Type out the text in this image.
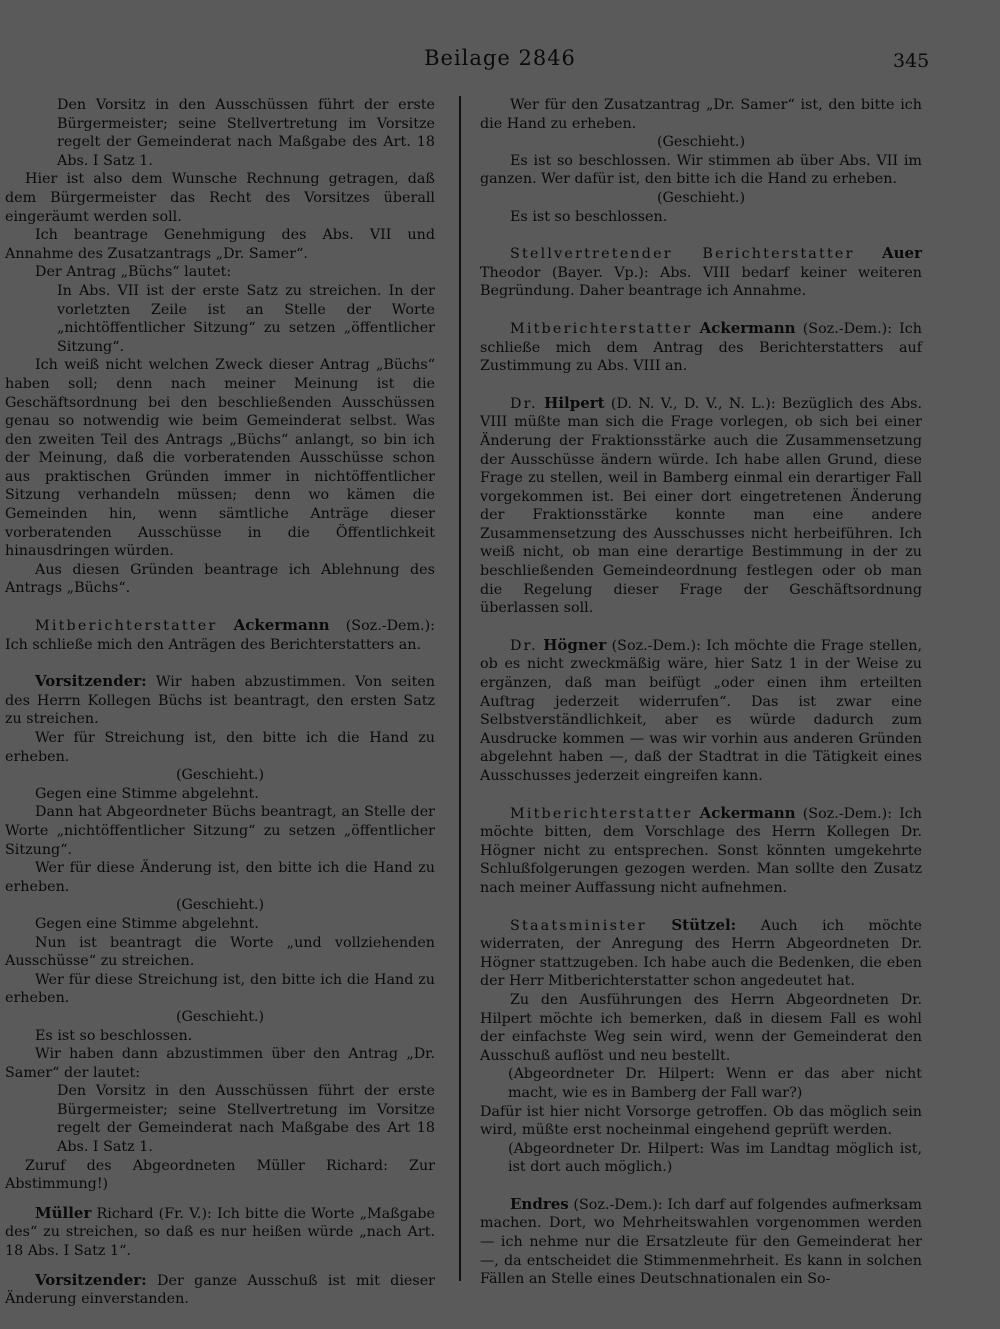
Beilage 2846	345

Den Vorsitz in den Ausschüssen führt der erste Bürgermeister; seine Stellvertretung im Vorsitze regelt der Gemeinderat nach Maßgabe des Art. 18 Abs. I Satz 1.

Hier ist also dem Wunsche Rechnung getragen, daß dem Bürgermeister das Recht des Vorsitzes überall eingeräumt werden soll.

Ich beantrage Genehmigung des Abs. VII und Annahme des Zusatzantrags „Dr. Samer“.

Der Antrag „Büchs“ lautet:

In Abs. VII ist der erste Satz zu streichen. In der vorletzten Zeile ist an Stelle der Worte „nichtöffentlicher Sitzung“ zu setzen „öffentlicher Sitzung“.

Ich weiß nicht welchen Zweck dieser Antrag „Büchs“ haben soll; denn nach meiner Meinung ist die Geschäftsordnung bei den beschließenden Ausschüssen genau so notwendig wie beim Gemeinderat selbst. Was den zweiten Teil des Antrags „Büchs“ anlangt, so bin ich der Meinung, daß die vorberatenden Ausschüsse schon aus praktischen Gründen immer in nichtöffentlicher Sitzung verhandeln müssen; denn wo kämen die Gemeinden hin, wenn sämtliche Anträge dieser vorberatenden Ausschüsse in die Öffentlichkeit hinausdringen würden.

Aus diesen Gründen beantrage ich Ablehnung des Antrags „Büchs“.

Mitberichterstatter Ackermann (Soz.-Dem.): Ich schließe mich den Anträgen des Berichterstatters an.

Vorsitzender: Wir haben abzustimmen. Von seiten des Herrn Kollegen Büchs ist beantragt, den ersten Satz zu streichen.

Wer für Streichung ist, den bitte ich die Hand zu erheben.

(Geschieht.)

Gegen eine Stimme abgelehnt.

Dann hat Abgeordneter Büchs beantragt, an Stelle der Worte „nichtöffentlicher Sitzung“ zu setzen „öffentlicher Sitzung“.

Wer für diese Änderung ist, den bitte ich die Hand zu erheben.

(Geschieht.)

Gegen eine Stimme abgelehnt.

Nun ist beantragt die Worte „und vollziehenden Ausschüsse“ zu streichen.

Wer für diese Streichung ist, den bitte ich die Hand zu erheben.

(Geschieht.)

Es ist so beschlossen.

Wir haben dann abzustimmen über den Antrag „Dr. Samer“ der lautet:

Den Vorsitz in den Ausschüssen führt der erste Bürgermeister; seine Stellvertretung im Vorsitze regelt der Gemeinderat nach Maßgabe des Art 18 Abs. I Satz 1.

Zuruf des Abgeordneten Müller Richard: Zur Abstimmung!)

Müller Richard (Fr. V.): Ich bitte die Worte „Maßgabe des“ zu streichen, so daß es nur heißen würde „nach Art. 18 Abs. I Satz 1“.

Vorsitzender: Der ganze Ausschuß ist mit dieser Änderung einverstanden.

Wer für den Zusatzantrag „Dr. Samer“ ist, den bitte ich die Hand zu erheben.

(Geschieht.)

Es ist so beschlossen. Wir stimmen ab über Abs. VII im ganzen. Wer dafür ist, den bitte ich die Hand zu erheben.

(Geschieht.)

Es ist so beschlossen.

Stellvertretender Berichterstatter Auer Theodor (Bayer. Vp.): Abs. VIII bedarf keiner weiteren Begründung. Daher beantrage ich Annahme.

Mitberichterstatter Ackermann (Soz.-Dem.): Ich schließe mich dem Antrag des Berichterstatters auf Zustimmung zu Abs. VIII an.

Dr. Hilpert (D. N. V., D. V., N. L.): Bezüglich des Abs. VIII müßte man sich die Frage vorlegen, ob sich bei einer Änderung der Fraktionsstärke auch die Zusammensetzung der Ausschüsse ändern würde. Ich habe allen Grund, diese Frage zu stellen, weil in Bamberg einmal ein derartiger Fall vorgekommen ist. Bei einer dort eingetretenen Änderung der Fraktionsstärke konnte man eine andere Zusammensetzung des Ausschusses nicht herbeiführen. Ich weiß nicht, ob man eine derartige Bestimmung in der zu beschließenden Gemeindeordnung festlegen oder ob man die Regelung dieser Frage der Geschäftsordnung überlassen soll.

Dr. Högner (Soz.-Dem.): Ich möchte die Frage stellen, ob es nicht zweckmäßig wäre, hier Satz 1 in der Weise zu ergänzen, daß man beifügt „oder einen ihm erteilten Auftrag jederzeit widerrufen“. Das ist zwar eine Selbstverständlichkeit, aber es würde dadurch zum Ausdrucke kommen — was wir vorhin aus anderen Gründen abgelehnt haben —, daß der Stadtrat in die Tätigkeit eines Ausschusses jederzeit eingreifen kann.

Mitberichterstatter Ackermann (Soz.-Dem.): Ich möchte bitten, dem Vorschlage des Herrn Kollegen Dr. Högner nicht zu entsprechen. Sonst könnten umgekehrte Schlußfolgerungen gezogen werden. Man sollte den Zusatz nach meiner Auffassung nicht aufnehmen.

Staatsminister Stützel: Auch ich möchte widerraten, der Anregung des Herrn Abgeordneten Dr. Högner stattzugeben. Ich habe auch die Bedenken, die eben der Herr Mitberichterstatter schon angedeutet hat.

Zu den Ausführungen des Herrn Abgeordneten Dr. Hilpert möchte ich bemerken, daß in diesem Fall es wohl der einfachste Weg sein wird, wenn der Gemeinderat den Ausschuß auflöst und neu bestellt.

(Abgeordneter Dr. Hilpert: Wenn er das aber nicht macht, wie es in Bamberg der Fall war?)

Dafür ist hier nicht Vorsorge getroffen. Ob das möglich sein wird, müßte erst nocheinmal eingehend geprüft werden.

(Abgeordneter Dr. Hilpert: Was im Landtag möglich ist, ist dort auch möglich.)

Endres (Soz.-Dem.): Ich darf auf folgendes aufmerksam machen. Dort, wo Mehrheitswahlen vorgenommen werden — ich nehme nur die Ersatzleute für den Gemeinderat her —, da entscheidet die Stimmenmehrheit. Es kann in solchen Fällen an Stelle eines Deutschnationalen ein So-
